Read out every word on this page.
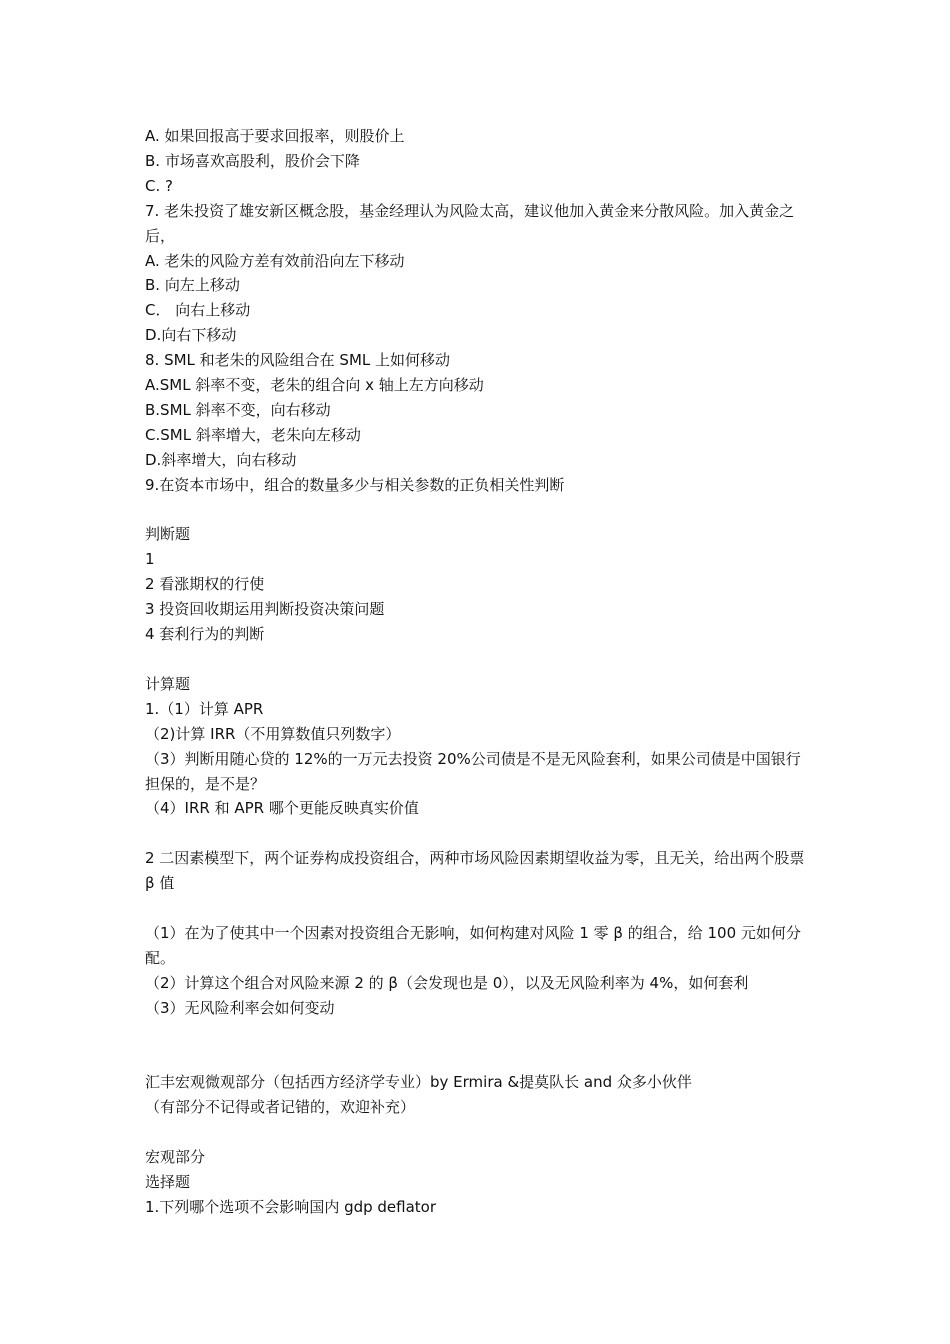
A. 如果回报高于要求回报率，则股价上
B. 市场喜欢高股利，股价会下降
C. ?
7. 老朱投资了雄安新区概念股，基金经理认为风险太高，建议他加入黄金来分散风险。加入黄金之后，
A. 老朱的风险方差有效前沿向左下移动
B. 向左上移动
C． 向右上移动
D.向右下移动
8. SML 和老朱的风险组合在 SML 上如何移动
A.SML 斜率不变，老朱的组合向 x 轴上左方向移动
B.SML 斜率不变，向右移动
C.SML 斜率增大，老朱向左移动
D.斜率增大，向右移动
9.在资本市场中，组合的数量多少与相关参数的正负相关性判断
判断题
1
2 看涨期权的行使
3 投资回收期运用判断投资决策问题
4 套利行为的判断
计算题
1.（1）计算 APR
（2)计算 IRR（不用算数值只列数字）
（3）判断用随心贷的 12%的一万元去投资 20%公司债是不是无风险套利，如果公司债是中国银行担保的，是不是？
（4）IRR 和 APR 哪个更能反映真实价值
2 二因素模型下，两个证券构成投资组合，两种市场风险因素期望收益为零，且无关，给出两个股票 β 值
（1）在为了使其中一个因素对投资组合无影响，如何构建对风险 1 零 β 的组合，给 100 元如何分配。
（2）计算这个组合对风险来源 2 的 β（会发现也是 0），以及无风险利率为 4%，如何套利
（3）无风险利率会如何变动
汇丰宏观微观部分（包括西方经济学专业）by Ermira &提莫队长 and 众多小伙伴
（有部分不记得或者记错的，欢迎补充）
宏观部分
选择题
1.下列哪个选项不会影响国内 gdp deflator
